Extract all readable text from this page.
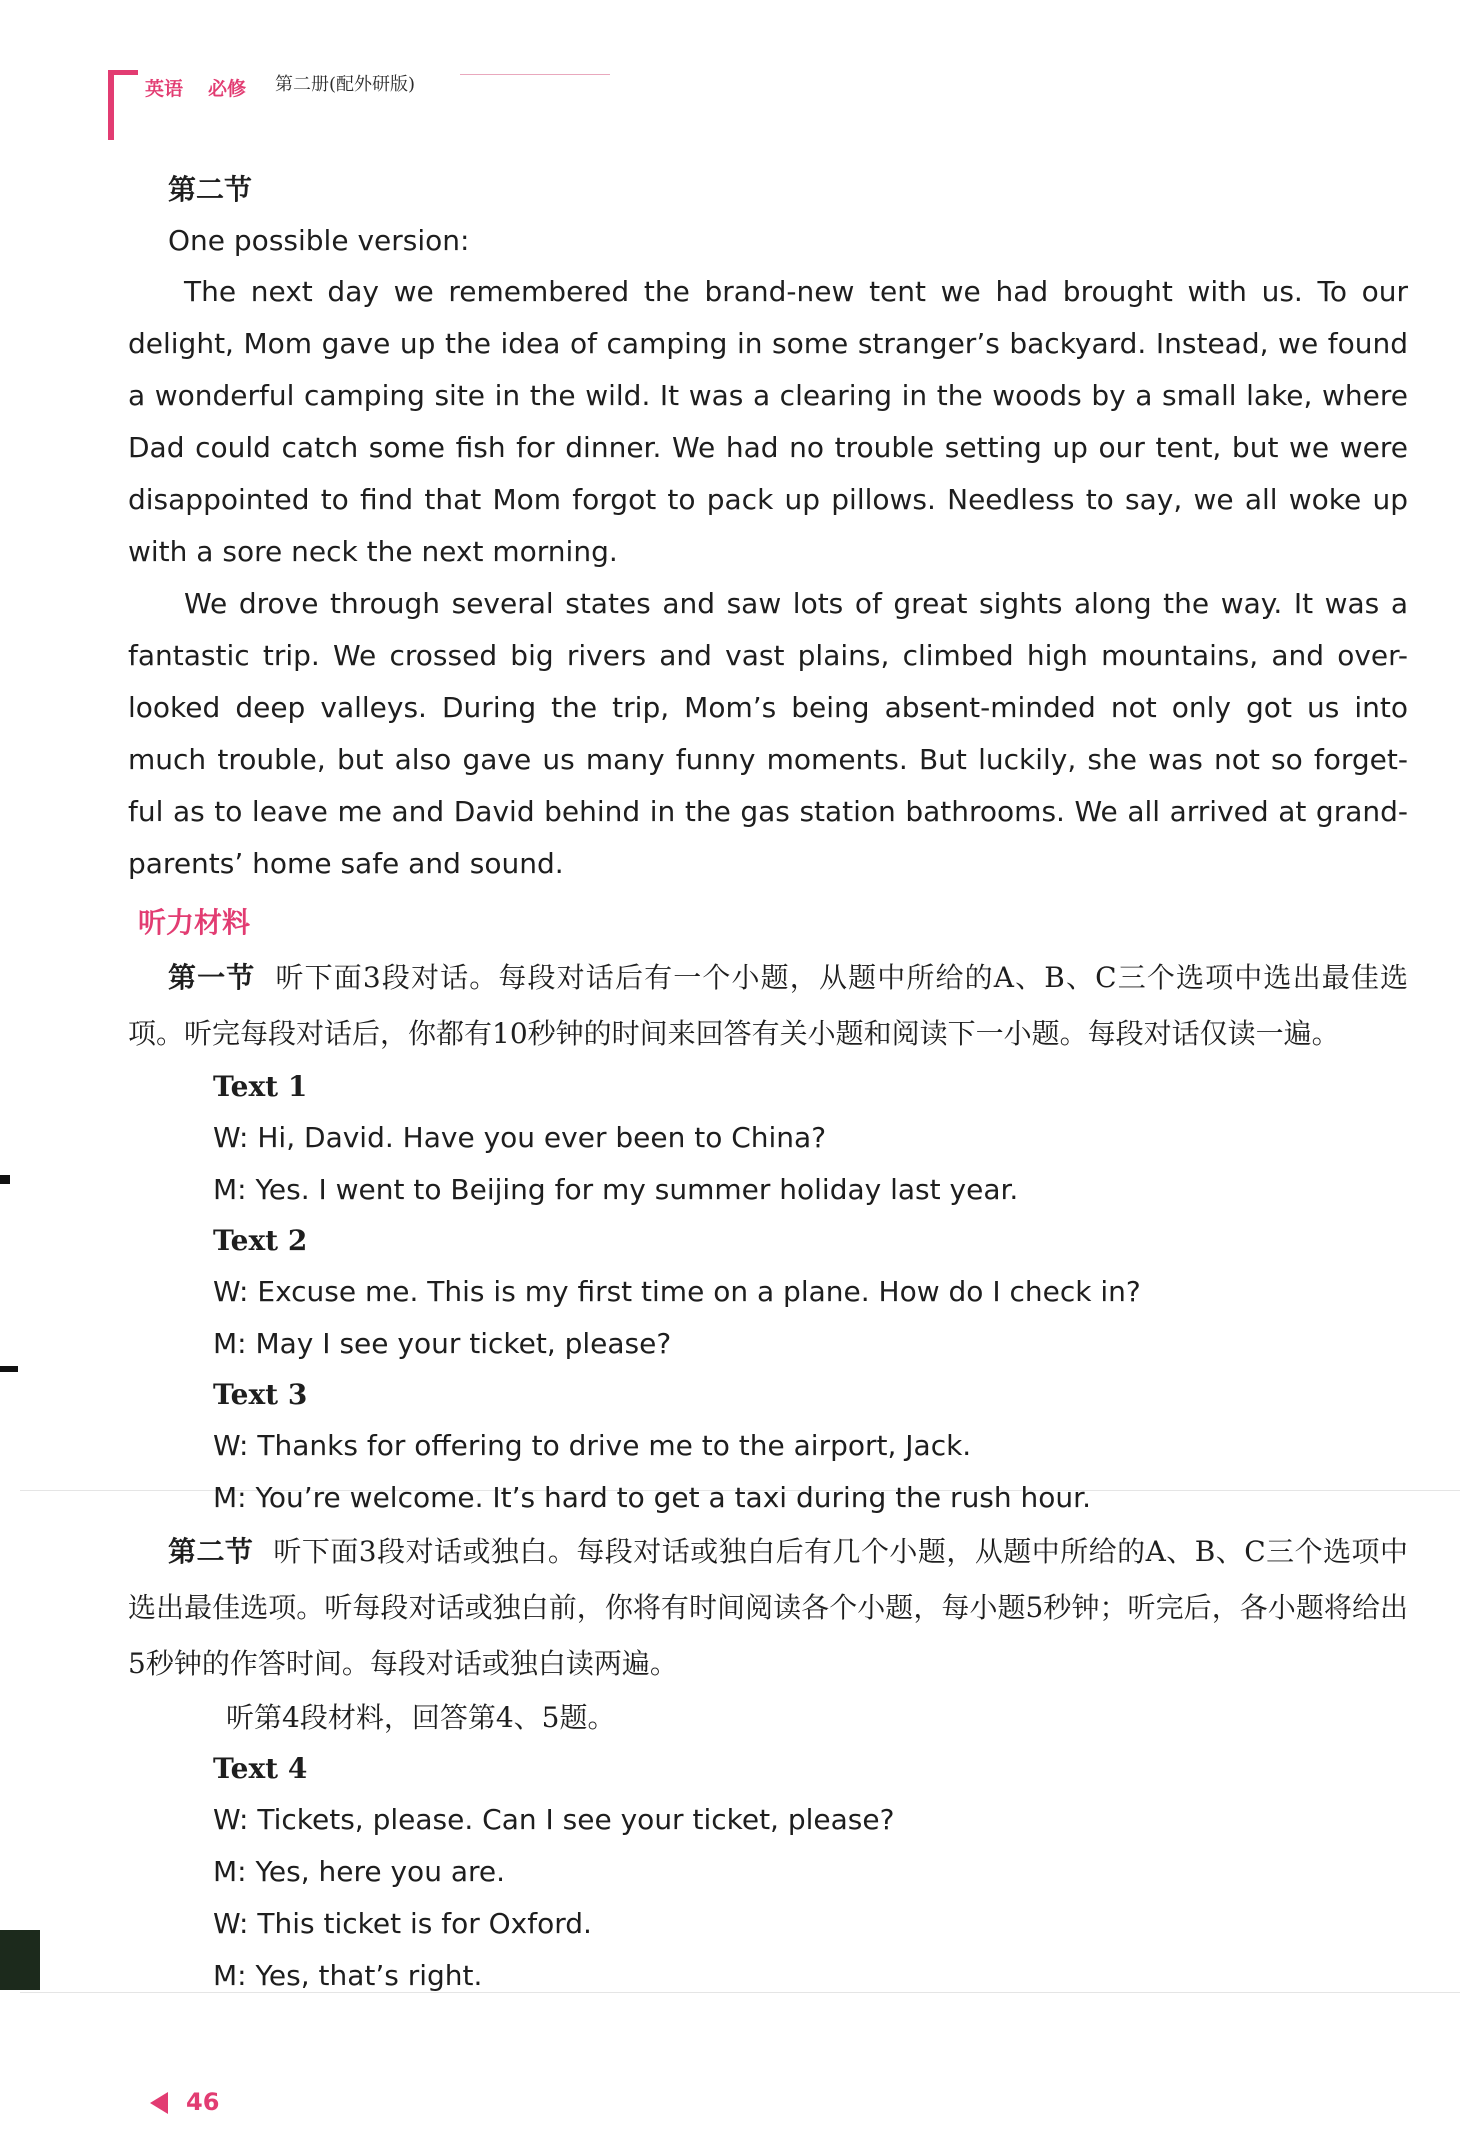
英语 必修 第二册(配外研版)
第二节
One possible version:

The next day we remembered the brand-new tent we had brought with us. To our delight, Mom gave up the idea of camping in some stranger’s backyard. Instead, we found a wonderful camping site in the wild. It was a clearing in the woods by a small lake, where Dad could catch some fish for dinner. We had no trouble setting up our tent, but we were disappointed to find that Mom forgot to pack up pillows. Needless to say, we all woke up with a sore neck the next morning.

We drove through several states and saw lots of great sights along the way. It was a fantastic trip. We crossed big rivers and vast plains, climbed high mountains, and over-looked deep valleys. During the trip, Mom’s being absent-minded not only got us into much trouble, but also gave us many funny moments. But luckily, she was not so forget-ful as to leave me and David behind in the gas station bathrooms. We all arrived at grand-parents’ home safe and sound.

听力材料

第一节 听下面3段对话。每段对话后有一个小题，从题中所给的A、B、C三个选项中选出最佳选项。听完每段对话后，你都有10秒钟的时间来回答有关小题和阅读下一小题。每段对话仅读一遍。

Text 1
W: Hi, David. Have you ever been to China?
M: Yes. I went to Beijing for my summer holiday last year.
Text 2
W: Excuse me. This is my first time on a plane. How do I check in?
M: May I see your ticket, please?
Text 3
W: Thanks for offering to drive me to the airport, Jack.
M: You’re welcome. It’s hard to get a taxi during the rush hour.

第二节 听下面3段对话或独白。每段对话或独白后有几个小题，从题中所给的A、B、C三个选项中选出最佳选项。听每段对话或独白前，你将有时间阅读各个小题，每小题5秒钟；听完后，各小题将给出5秒钟的作答时间。每段对话或独白读两遍。

听第4段材料，回答第4、5题。
Text 4
W: Tickets, please. Can I see your ticket, please?
M: Yes, here you are.
W: This ticket is for Oxford.
M: Yes, that’s right.
46
